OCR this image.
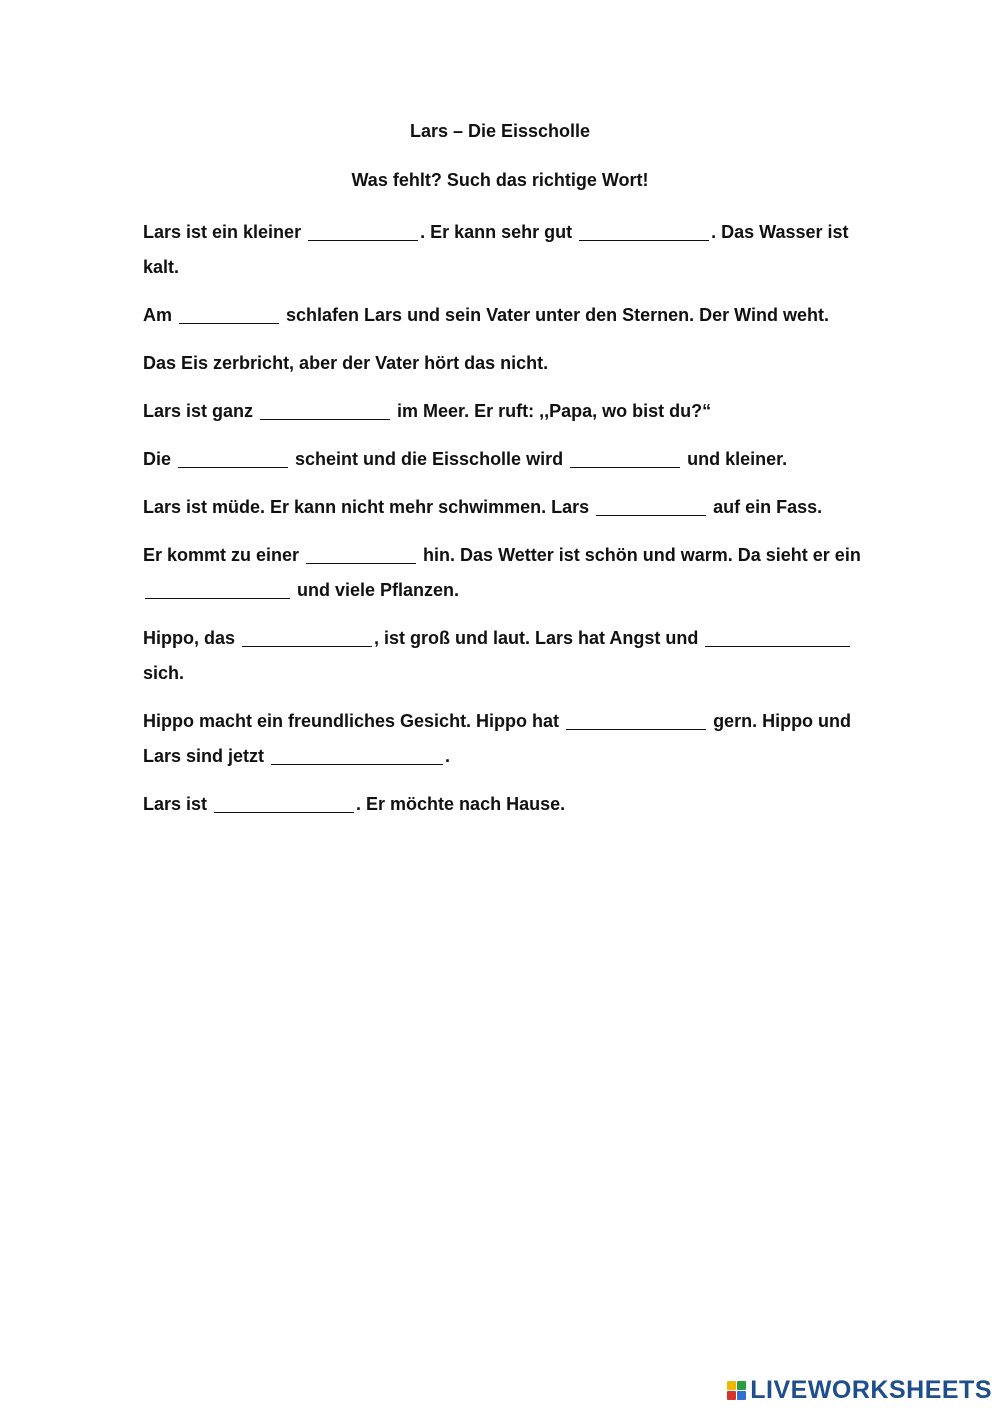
Lars – Die Eisscholle
Was fehlt? Such das richtige Wort!

Lars ist ein kleiner	. Er kann sehr gut	. Das Wasser ist kalt.

Am	schlafen Lars und sein Vater unter den Sternen. Der Wind weht.

Das Eis zerbricht, aber der Vater hört das nicht.

Lars ist ganz	im Meer. Er ruft: ,,Papa, wo bist du?“

Die	scheint und die Eisscholle wird	und kleiner.

Lars ist müde. Er kann nicht mehr schwimmen. Lars	auf ein Fass.

Er kommt zu einer	hin. Das Wetter ist schön und warm. Da sieht er ein  und viele Pflanzen.

Hippo, das	, ist groß und laut. Lars hat Angst und  sich.

Hippo macht ein freundliches Gesicht. Hippo hat	gern. Hippo und Lars sind jetzt	.

Lars ist	. Er möchte nach Hause.

LIVEWORKSHEETS
